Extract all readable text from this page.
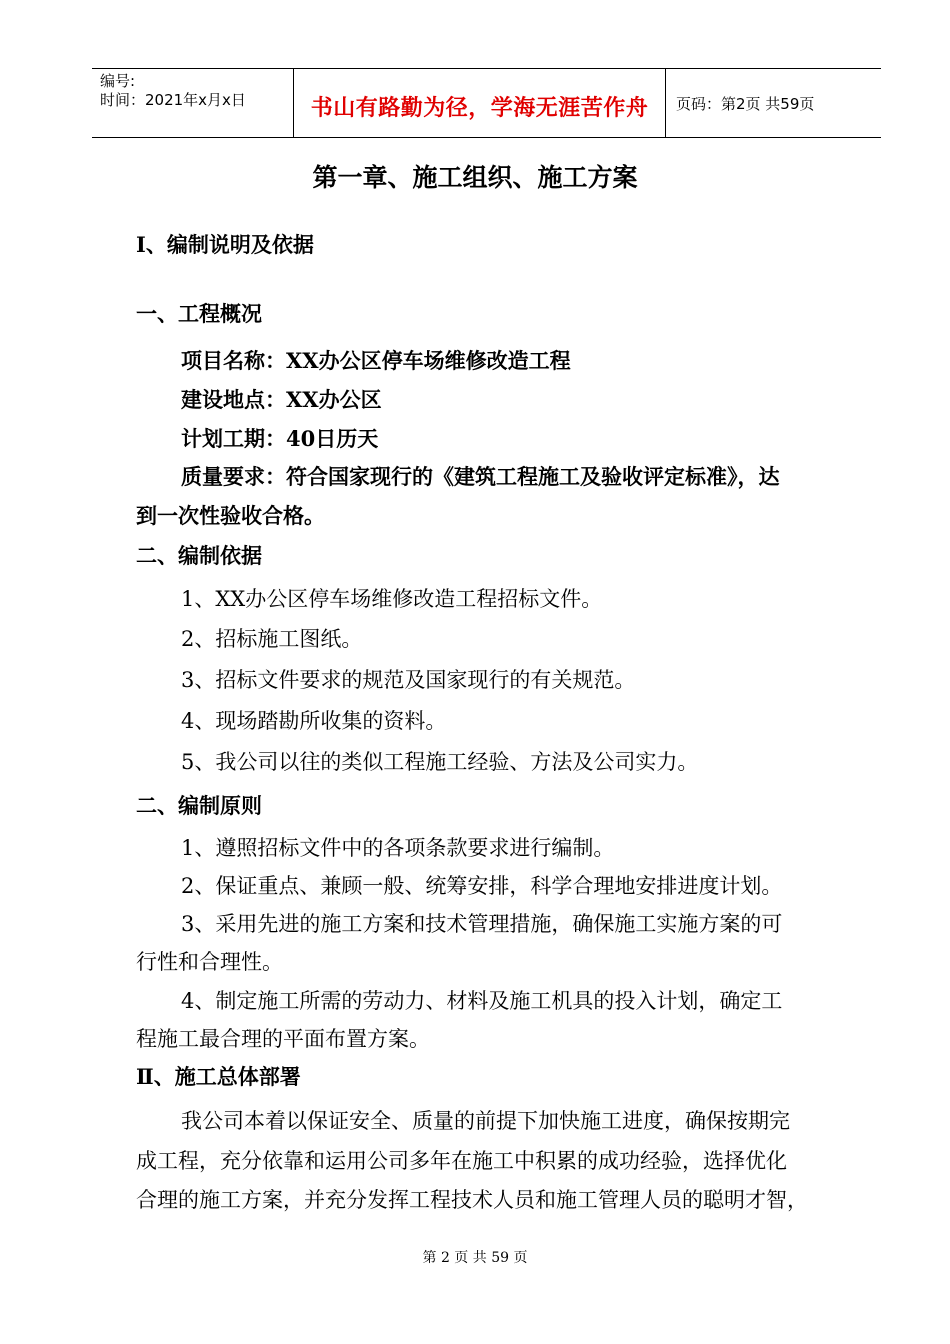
编号:
时间：2021年x月x日	书山有路勤为径，学海无涯苦作舟	页码：第2页 共59页
第一章、施工组织、施工方案
Ⅰ、编制说明及依据
一、工程概况
项目名称：XX办公区停车场维修改造工程
建设地点：XX办公区
计划工期：40日历天
质量要求：符合国家现行的《建筑工程施工及验收评定标准》，达
到一次性验收合格。
二、编制依据
1、XX办公区停车场维修改造工程招标文件。
2、招标施工图纸。
3、招标文件要求的规范及国家现行的有关规范。
4、现场踏勘所收集的资料。
5、我公司以往的类似工程施工经验、方法及公司实力。
二、编制原则
1、遵照招标文件中的各项条款要求进行编制。
2、保证重点、兼顾一般、统筹安排，科学合理地安排进度计划。
3、采用先进的施工方案和技术管理措施，确保施工实施方案的可
行性和合理性。
4、制定施工所需的劳动力、材料及施工机具的投入计划，确定工
程施工最合理的平面布置方案。
Ⅱ、施工总体部署
我公司本着以保证安全、质量的前提下加快施工进度，确保按期完
成工程，充分依靠和运用公司多年在施工中积累的成功经验，选择优化
合理的施工方案，并充分发挥工程技术人员和施工管理人员的聪明才智，
第 2 页 共 59 页
